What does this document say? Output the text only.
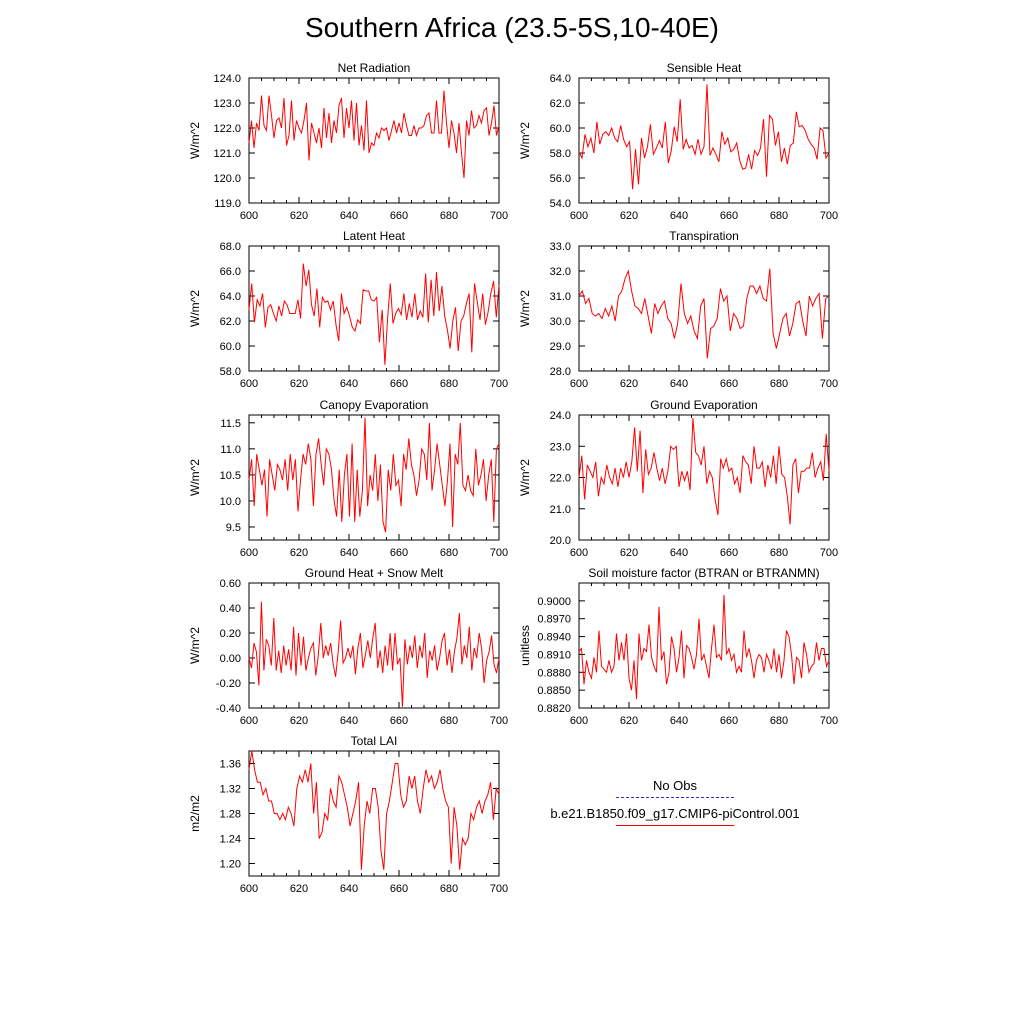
Southern Africa (23.5-5S,10-40E)
Net Radiation
W/m^2
600	620	640	660	680	700
119.0
120.0
121.0
122.0
123.0
124.0
Sensible Heat
W/m^2
600	620	640	660	680	700
54.0
56.0
58.0
60.0
62.0
64.0
Latent Heat
W/m^2
600	620	640	660	680	700
58.0
60.0
62.0
64.0
66.0
68.0
Transpiration
W/m^2
600	620	640	660	680	700
28.0
29.0
30.0
31.0
32.0
33.0
Canopy Evaporation
W/m^2
600	620	640	660	680	700
9.5
10.0
10.5
11.0
11.5
Ground Evaporation
W/m^2
600	620	640	660	680	700
20.0
21.0
22.0
23.0
24.0
Ground Heat + Snow Melt
W/m^2
600	620	640	660	680	700
-0.40
-0.20
0.00
0.20
0.40
0.60
Soil moisture factor (BTRAN or BTRANMN)
unitless
600	620	640	660	680	700
0.8820
0.8850
0.8880
0.8910
0.8940
0.8970
0.9000
Total LAI
m2/m2
600	620	640	660	680	700
1.20
1.24
1.28
1.32
1.36
No Obs
b.e21.B1850.f09_g17.CMIP6-piControl.001
